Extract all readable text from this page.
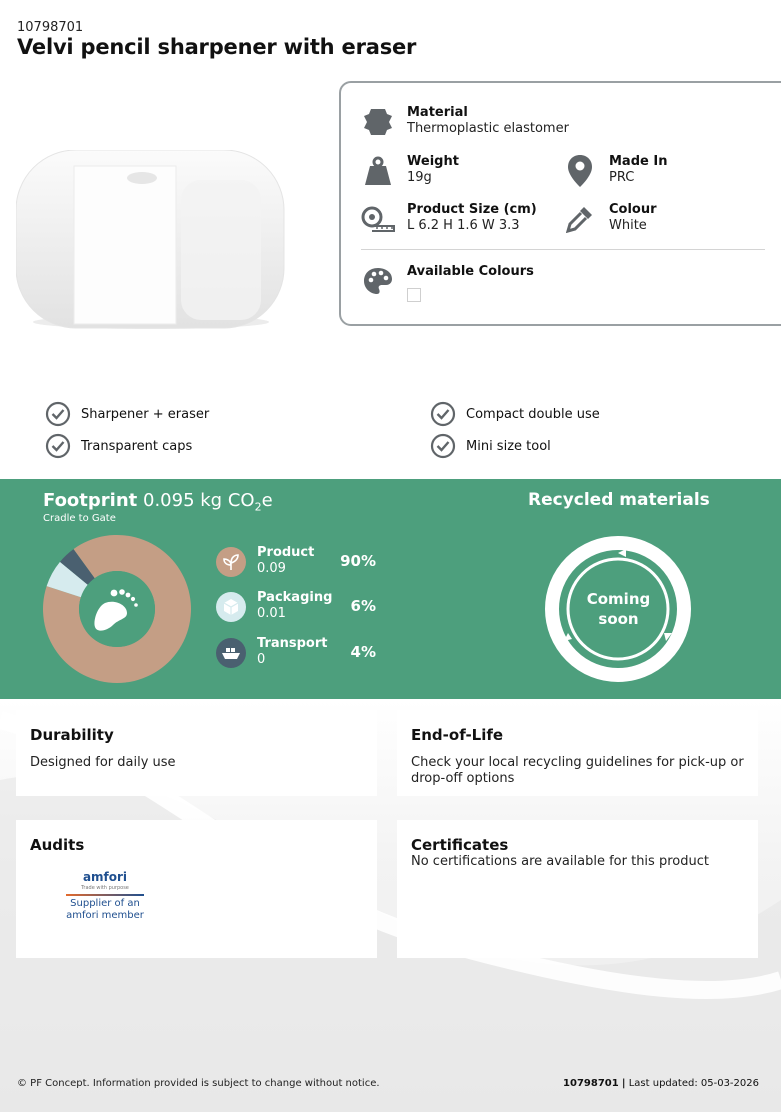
10798701
Velvi pencil sharpener with eraser
Material
Thermoplastic elastomer
Weight
19g
Made In
PRC
Product Size (cm)
L 6.2 H 1.6 W 3.3
Colour
White
Available Colours
Sharpener + eraser	Compact double use
Transparent caps	Mini size tool
Footprint 0.095 kg $CO_2e$
Cradle to Gate
Product
0.09	90%
Packaging
0.01	6%
Transport
0	4%
Recycled materials
Coming
soon
Durability

Designed for daily use

End-of-Life

Check your local recycling guidelines for pick-up or drop-off options

Audits
amfori
Trade with purpose
Supplier of an
amfori member
Certificates

No certifications are available for this product

© PF Concept. Information provided is subject to change without notice.	10798701 | Last updated: 05-03-2026
